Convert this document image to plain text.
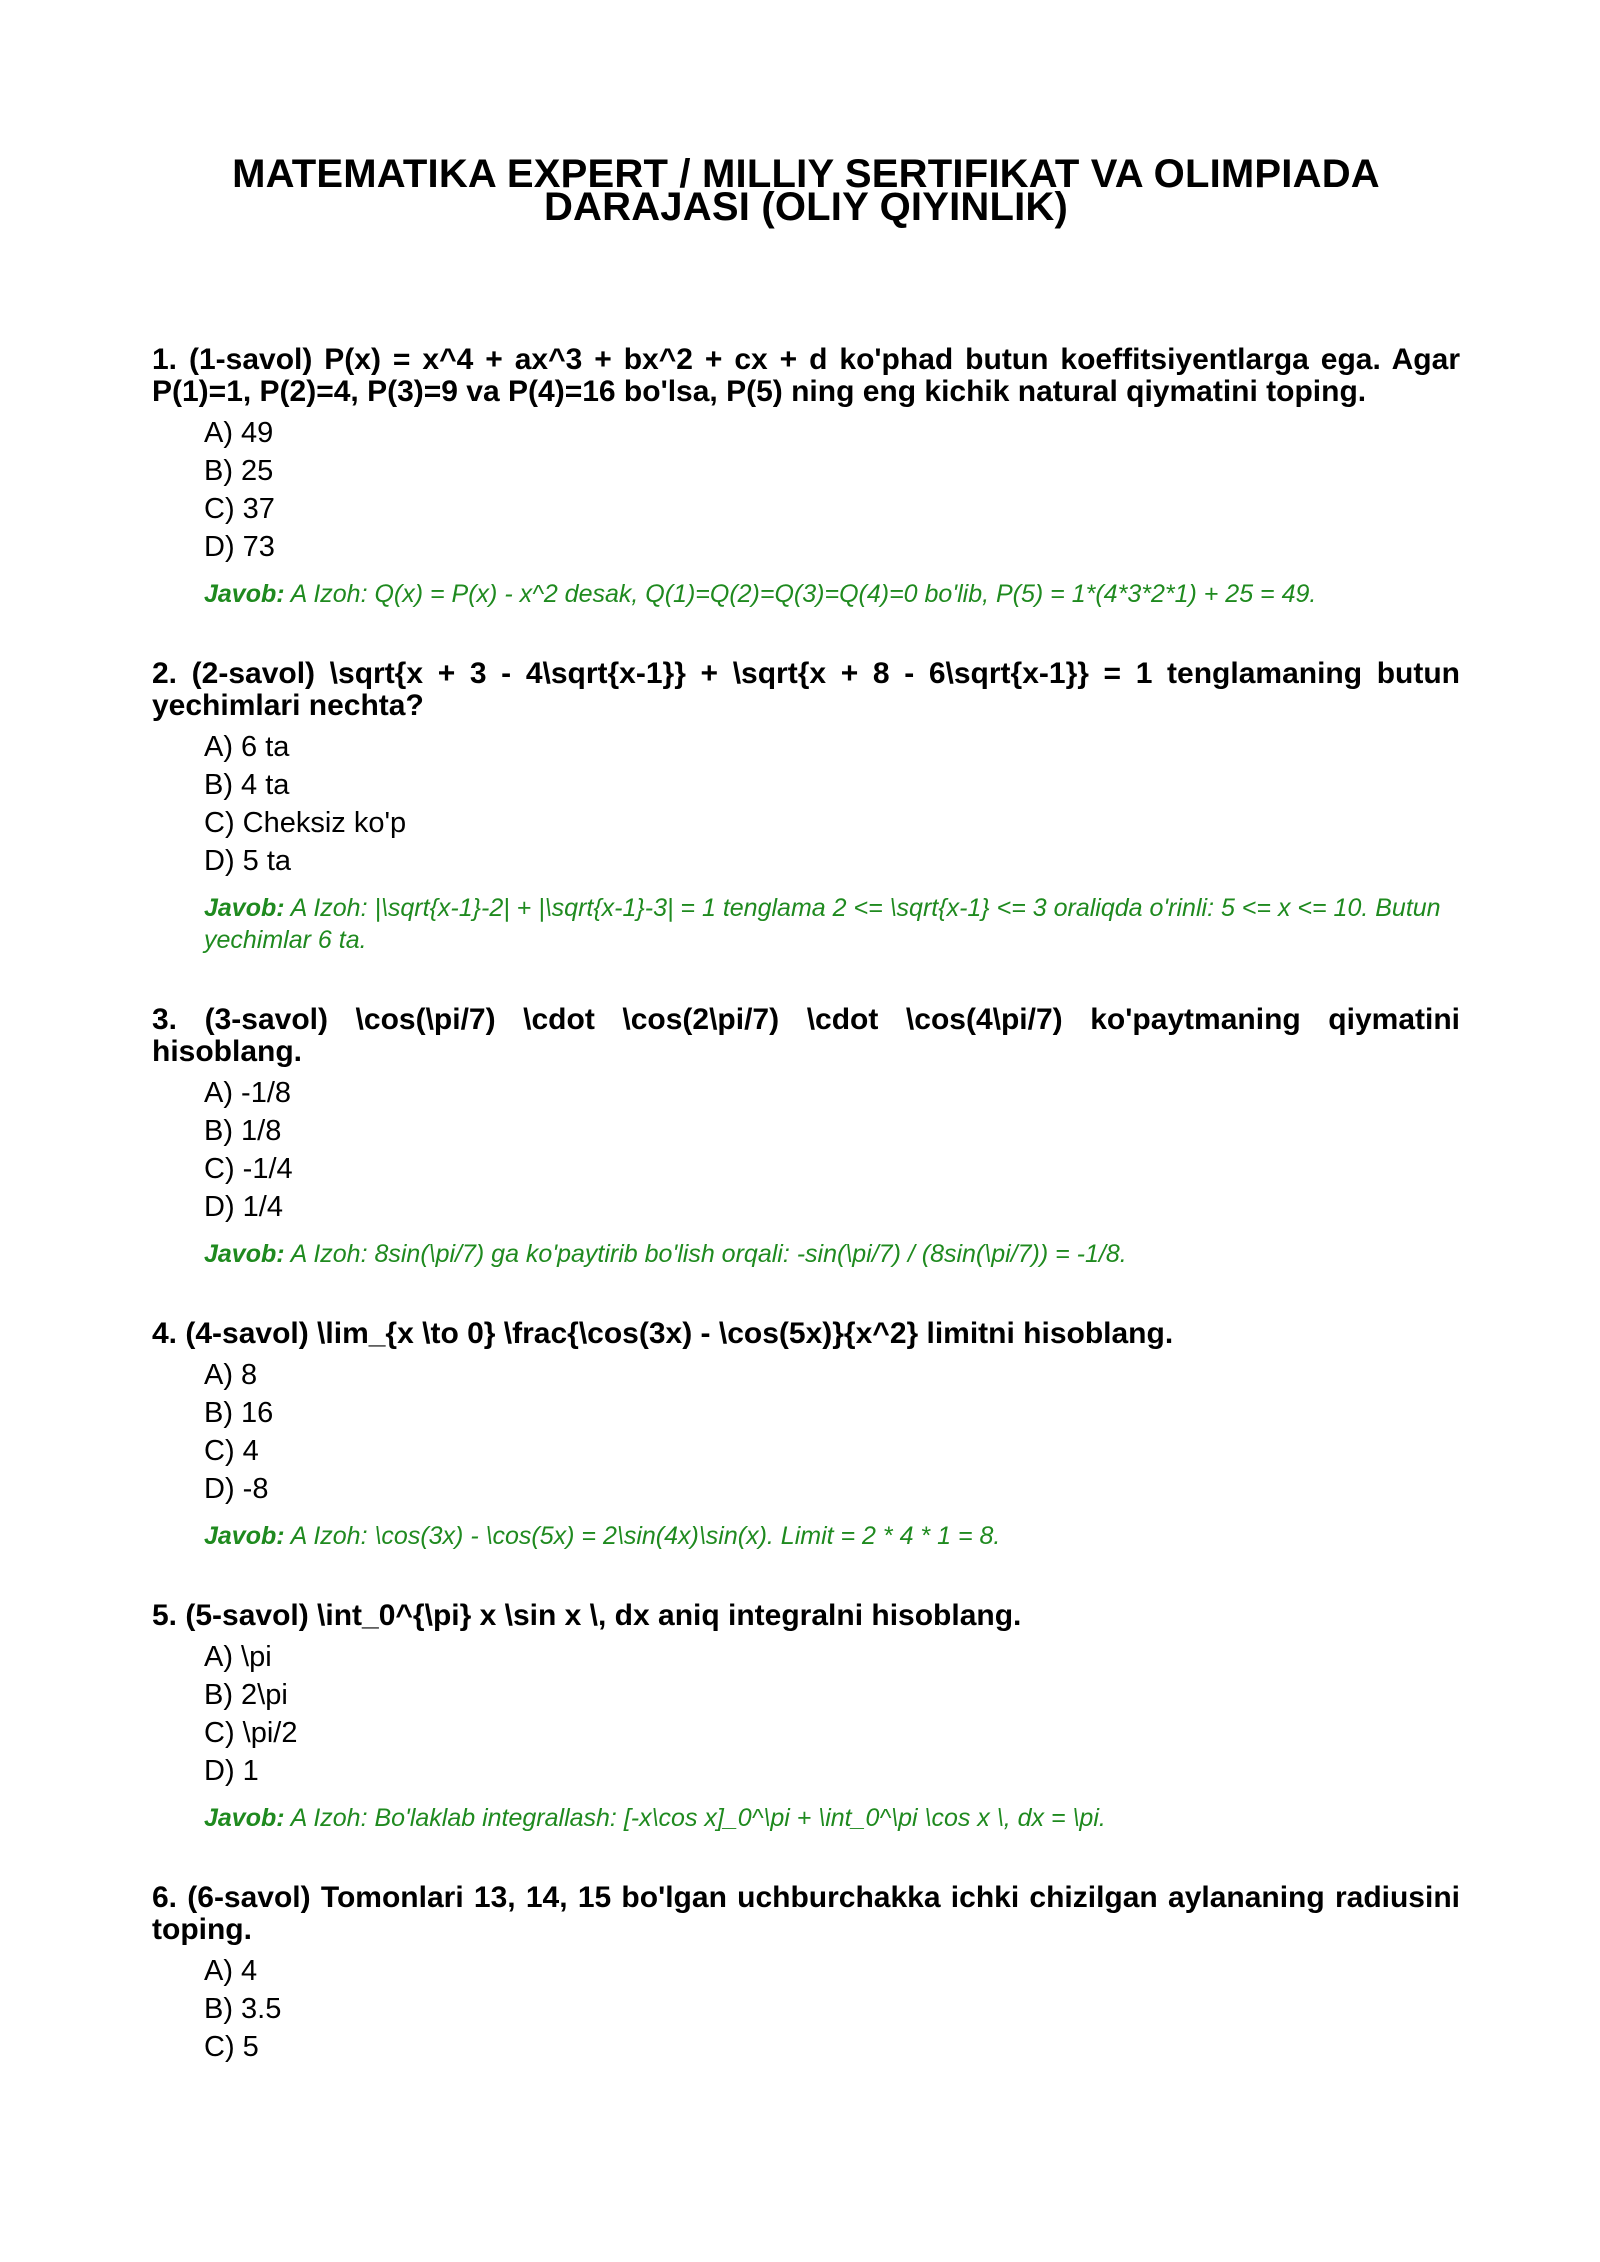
MATEMATIKA EXPERT / MILLIY SERTIFIKAT VA OLIMPIADA
DARAJASI (OLIY QIYINLIK)

1. (1-savol) P(x) = x^4 + ax^3 + bx^2 + cx + d ko'phad butun koeffitsiyentlarga ega. Agar P(1)=1, P(2)=4, P(3)=9 va P(4)=16 bo'lsa, P(5) ning eng kichik natural qiymatini toping.

A) 49
B) 25
C) 37
D) 73
Javob: A Izoh: Q(x) = P(x) - x^2 desak, Q(1)=Q(2)=Q(3)=Q(4)=0 bo'lib, P(5) = 1*(4*3*2*1) + 25 = 49.

2. (2-savol) \sqrt{x + 3 - 4\sqrt{x-1}} + \sqrt{x + 8 - 6\sqrt{x-1}} = 1 tenglamaning butun yechimlari nechta?

A) 6 ta
B) 4 ta
C) Cheksiz ko'p
D) 5 ta
Javob: A Izoh: |\sqrt{x-1}-2| + |\sqrt{x-1}-3| = 1 tenglama 2 <= \sqrt{x-1} <= 3 oraliqda o'rinli: 5 <= x <= 10. Butun yechimlar 6 ta.

3. (3-savol) \cos(\pi/7) \cdot \cos(2\pi/7) \cdot \cos(4\pi/7) ko'paytmaning qiymatini hisoblang.

A) -1/8
B) 1/8
C) -1/4
D) 1/4
Javob: A Izoh: 8sin(\pi/7) ga ko'paytirib bo'lish orqali: -sin(\pi/7) / (8sin(\pi/7)) = -1/8.

4. (4-savol) \lim_{x \to 0} \frac{\cos(3x) - \cos(5x)}{x^2} limitni hisoblang.

A) 8
B) 16
C) 4
D) -8
Javob: A Izoh: \cos(3x) - \cos(5x) = 2\sin(4x)\sin(x). Limit = 2 * 4 * 1 = 8.

5. (5-savol) \int_0^{\pi} x \sin x \, dx aniq integralni hisoblang.

A) \pi
B) 2\pi
C) \pi/2
D) 1
Javob: A Izoh: Bo'laklab integrallash: [-x\cos x]_0^\pi + \int_0^\pi \cos x \, dx = \pi.

6. (6-savol) Tomonlari 13, 14, 15 bo'lgan uchburchakka ichki chizilgan aylananing radiusini toping.

A) 4
B) 3.5
C) 5
